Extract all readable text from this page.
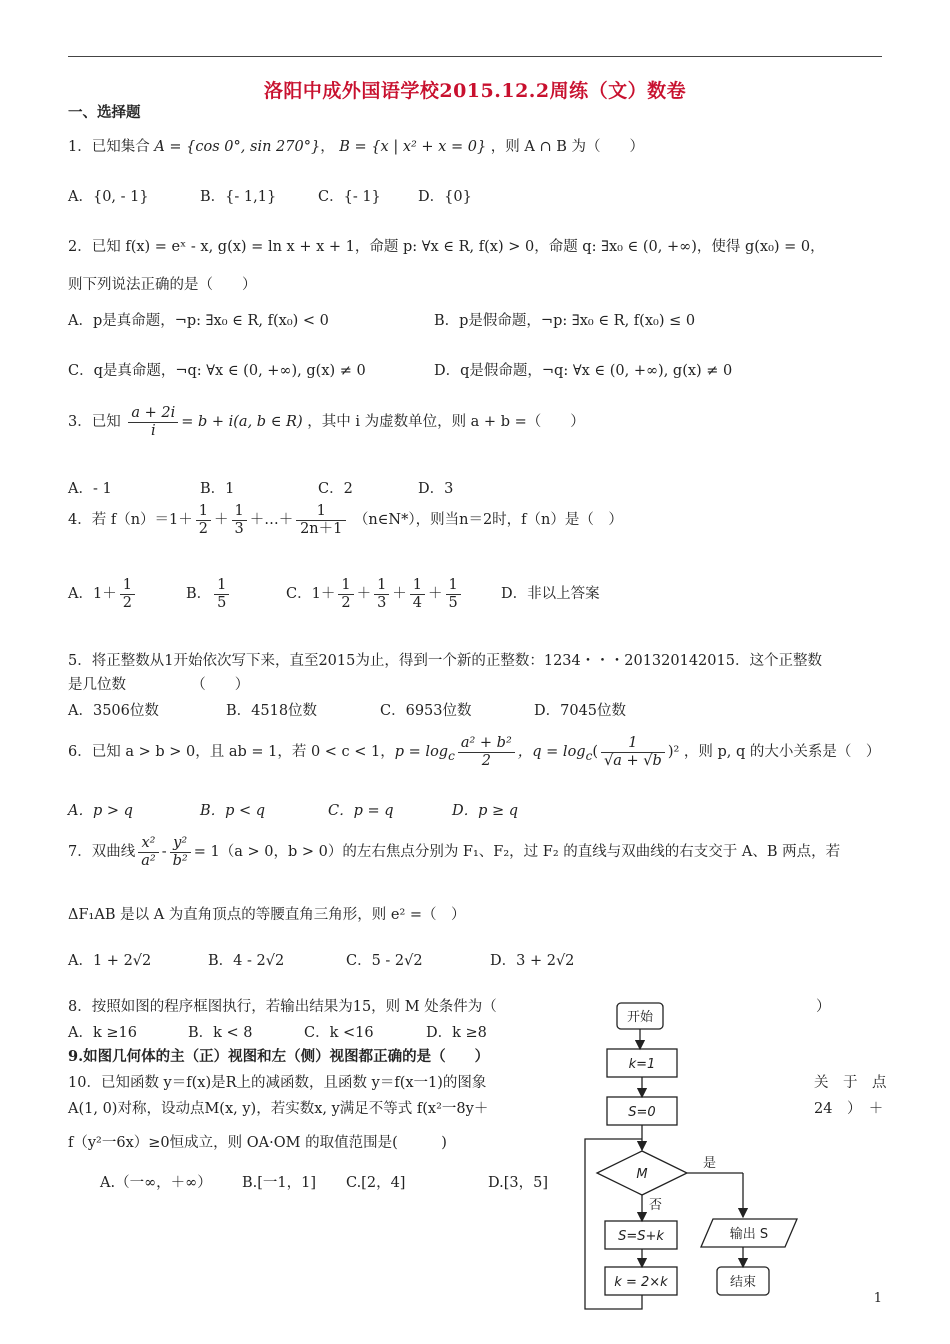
洛阳中成外国语学校2015.12.2周练（文）数卷
一、选择题
1．已知集合 A = {cos 0°, sin 270°}， B = {x | x² + x = 0} ，则 A ∩ B 为（　　）
A．{0, - 1}	B．{- 1,1}	C．{- 1}	D．{0}
2．已知 f(x) = eˣ - x, g(x) = ln x + x + 1，命题 p: ∀x ∈ R, f(x) > 0，命题 q: ∃x₀ ∈ (0, +∞)，使得 g(x₀) = 0，
则下列说法正确的是（　　）
A．p是真命题，¬p: ∃x₀ ∈ R, f(x₀) < 0	B．p是假命题，¬p: ∃x₀ ∈ R, f(x₀) ≤ 0
C．q是真命题，¬q: ∀x ∈ (0, +∞), g(x) ≠ 0	D．q是假命题，¬q: ∀x ∈ (0, +∞), g(x) ≠ 0
3．已知 $\frac{a + 2i}{i} = b + i(a$, b ∈ R) ，其中 i 为虚数单位，则 a + b =（　　）
A．- 1	B．1	C．2	D．3
4．若 $f(n)=1+ \frac{1}{2} + \frac{1}{3}$ ＋…＋ $\frac{1}{2n+1}$ （n∈N*），则当n＝2时，f（n）是（　）
A．$1+ \frac{1}{2}$	B． $\frac{1}{5}$	C．$1+ \frac{1}{2} + \frac{1}{3} + \frac{1}{4} + \frac{1}{5}$	D．非以上答案
5．将正整数从1开始依次写下来，直至2015为止，得到一个新的正整数：1234・・・201320142015．这个正整数
是几位数　　　　　（　　）
A．3506位数	B．4518位数	C．6953位数	D．7045位数
6．已知 a > b > 0，且 ab = 1，若 0 < c < 1，$p = \log_c \frac{\text{a² + b²}}{2}$ ，$q = \log_c( \frac{1}{√a + √b} )^2$ ，则 p, q 的大小关系是（　）
A．p > q	B．p < q	C．p = q	D．p ≥ q
7．双曲线 $\frac{\text{x²}}{\text{a²}} - \frac{\text{y²}}{\text{b²}} = 1(a > 0$，b > 0）的左右焦点分别为 F₁、F₂，过 F₂ 的直线与双曲线的右支交于 A、B 两点，若
ΔF₁AB 是以 A 为直角顶点的等腰直角三角形，则 e² =（　）
A．1 + 2√2	B．4 - 2√2	C．5 - 2√2	D．3 + 2√2
8．按照如图的程序框图执行，若输出结果为15，则 M 处条件为（	）
A．k ≥16	B．k < 8	C．k <16	D．k ≥8
9.如图几何体的主（正）视图和左（侧）视图都正确的是（　　）
10．已知函数 y＝f(x)是R上的减函数，且函数 y＝f(x一1)的图象	关　于　点
A(1, 0)对称，设动点M(x, y)，若实数x, y满足不等式 f(x²一8y＋	24　）　＋
f（y²一6x）≥0恒成立，则 OA·OM 的取值范围是(　　　)
A.（一∞，＋∞） B.[一1，1] C.[2，4]	D.[3，5]
开始
k=1
S=0
M
是
否
S=S+k
k = 2×k
输出 S
结束
1
